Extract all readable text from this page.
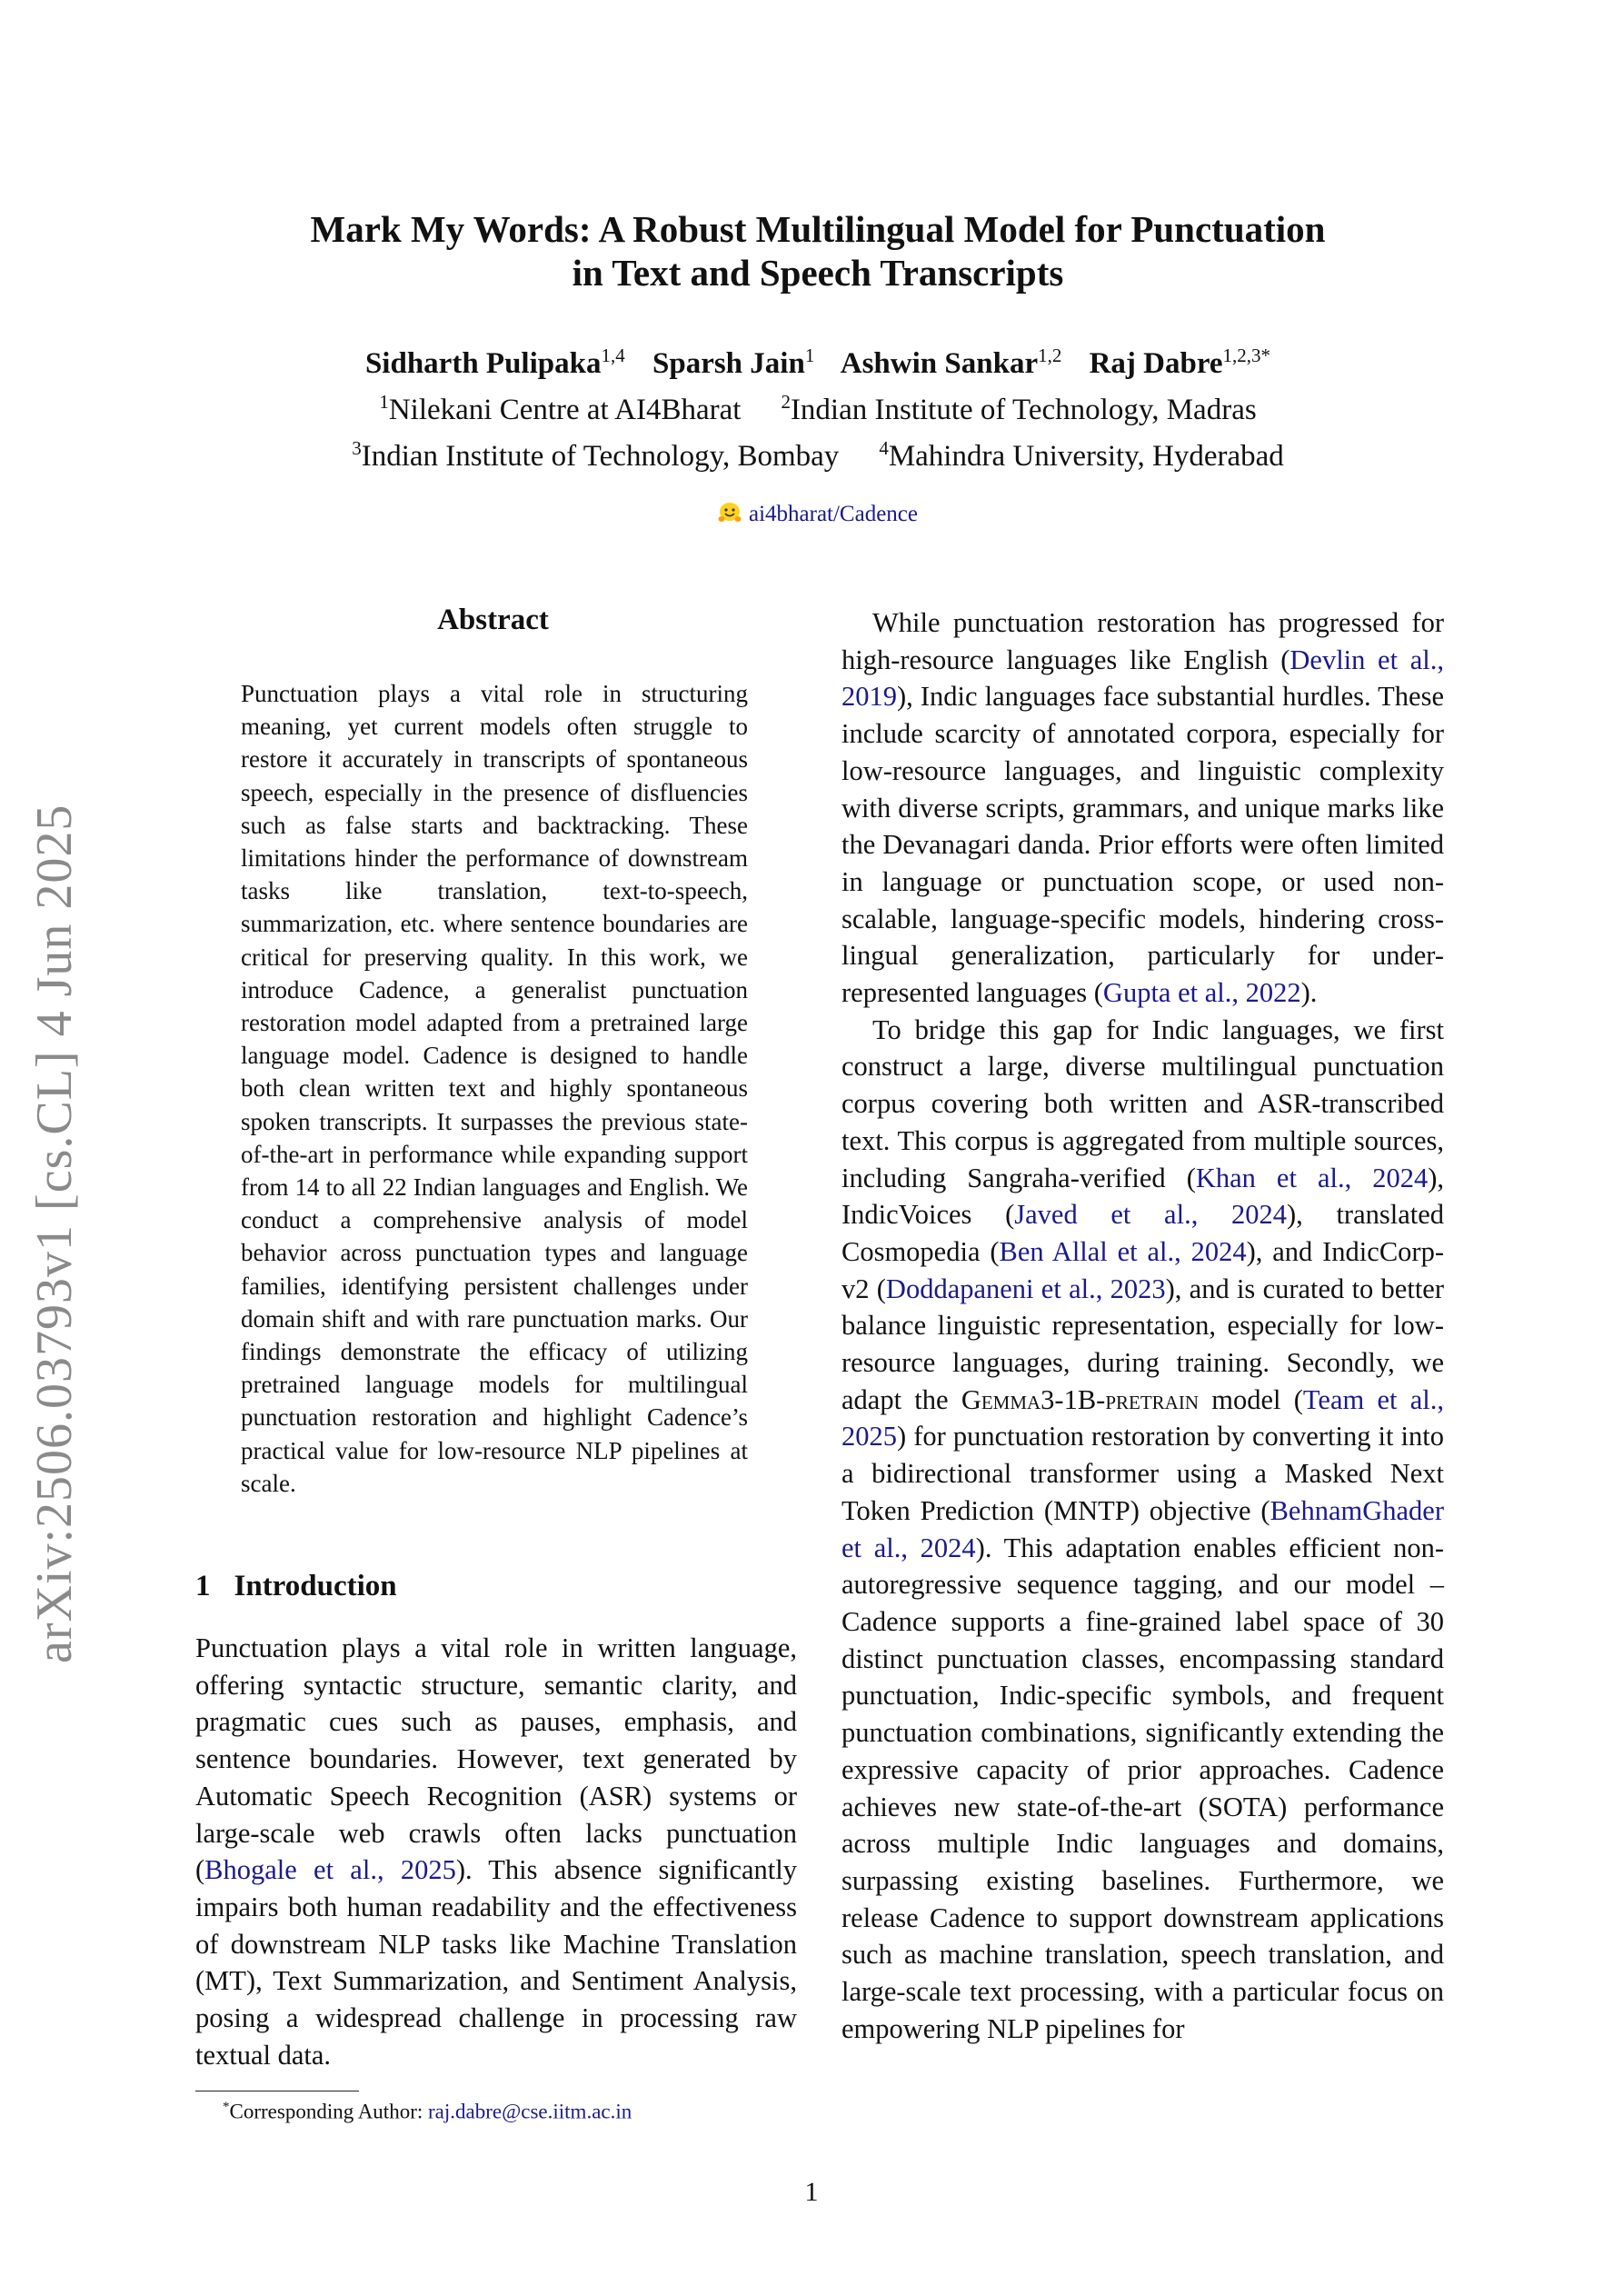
arXiv:2506.03793v1 [cs.CL] 4 Jun 2025
Mark My Words: A Robust Multilingual Model for Punctuation
in Text and Speech Transcripts
Sidharth Pulipaka$^{1,4}$ Sparsh Jain$^1$ Ashwin Sankar$^{1,2}$ Raj Dabre$^{1,2,3*}$
$^1$Nilekani Centre at AI4Bharat $^2$Indian Institute of Technology, Madras
$^3$Indian Institute of Technology, Bombay $^4$Mahindra University, Hyderabad
ai4bharat/Cadence
Abstract
Punctuation plays a vital role in structuring meaning, yet current models often struggle to restore it accurately in transcripts of spontaneous speech, especially in the presence of disfluencies such as false starts and backtracking. These limitations hinder the performance of downstream tasks like translation, text-to-speech, summarization, etc. where sentence boundaries are critical for preserving quality. In this work, we introduce Cadence, a generalist punctuation restoration model adapted from a pretrained large language model. Cadence is designed to handle both clean written text and highly spontaneous spoken transcripts. It surpasses the previous state-of-the-art in performance while expanding support from 14 to all 22 Indian languages and English. We conduct a comprehensive analysis of model behavior across punctuation types and language families, identifying persistent challenges under domain shift and with rare punctuation marks. Our findings demonstrate the efficacy of utilizing pretrained language models for multilingual punctuation restoration and highlight Cadence’s practical value for low-resource NLP pipelines at scale.
1 Introduction
Punctuation plays a vital role in written language, offering syntactic structure, semantic clarity, and pragmatic cues such as pauses, emphasis, and sentence boundaries. However, text generated by Automatic Speech Recognition (ASR) systems or large-scale web crawls often lacks punctuation (Bhogale et al., 2025). This absence significantly impairs both human readability and the effectiveness of downstream NLP tasks like Machine Translation (MT), Text Summarization, and Sentiment Analysis, posing a widespread challenge in processing raw textual data.
*Corresponding Author: raj.dabre@cse.iitm.ac.in

While punctuation restoration has progressed for high-resource languages like English (Devlin et al., 2019), Indic languages face substantial hurdles. These include scarcity of annotated corpora, especially for low-resource languages, and linguistic complexity with diverse scripts, grammars, and unique marks like the Devanagari danda. Prior efforts were often limited in language or punctuation scope, or used non-scalable, language-specific models, hindering cross-lingual generalization, particularly for under-represented languages (Gupta et al., 2022).

To bridge this gap for Indic languages, we first construct a large, diverse multilingual punctuation corpus covering both written and ASR-transcribed text. This corpus is aggregated from multiple sources, including Sangraha-verified (Khan et al., 2024), IndicVoices (Javed et al., 2024), translated Cosmopedia (Ben Allal et al., 2024), and IndicCorp-v2 (Doddapaneni et al., 2023), and is curated to better balance linguistic representation, especially for low-resource languages, during training. Secondly, we adapt the Gemma3-1B-pretrain model (Team et al., 2025) for punctuation restoration by converting it into a bidirectional transformer using a Masked Next Token Prediction (MNTP) objective (BehnamGhader et al., 2024). This adaptation enables efficient non-autoregressive sequence tagging, and our model – Cadence supports a fine-grained label space of 30 distinct punctuation classes, encompassing standard punctuation, Indic-specific symbols, and frequent punctuation combinations, significantly extending the expressive capacity of prior approaches. Cadence achieves new state-of-the-art (SOTA) performance across multiple Indic languages and domains, surpassing existing baselines. Furthermore, we release Cadence to support downstream applications such as machine translation, speech translation, and large-scale text processing, with a particular focus on empowering NLP pipelines for

1
